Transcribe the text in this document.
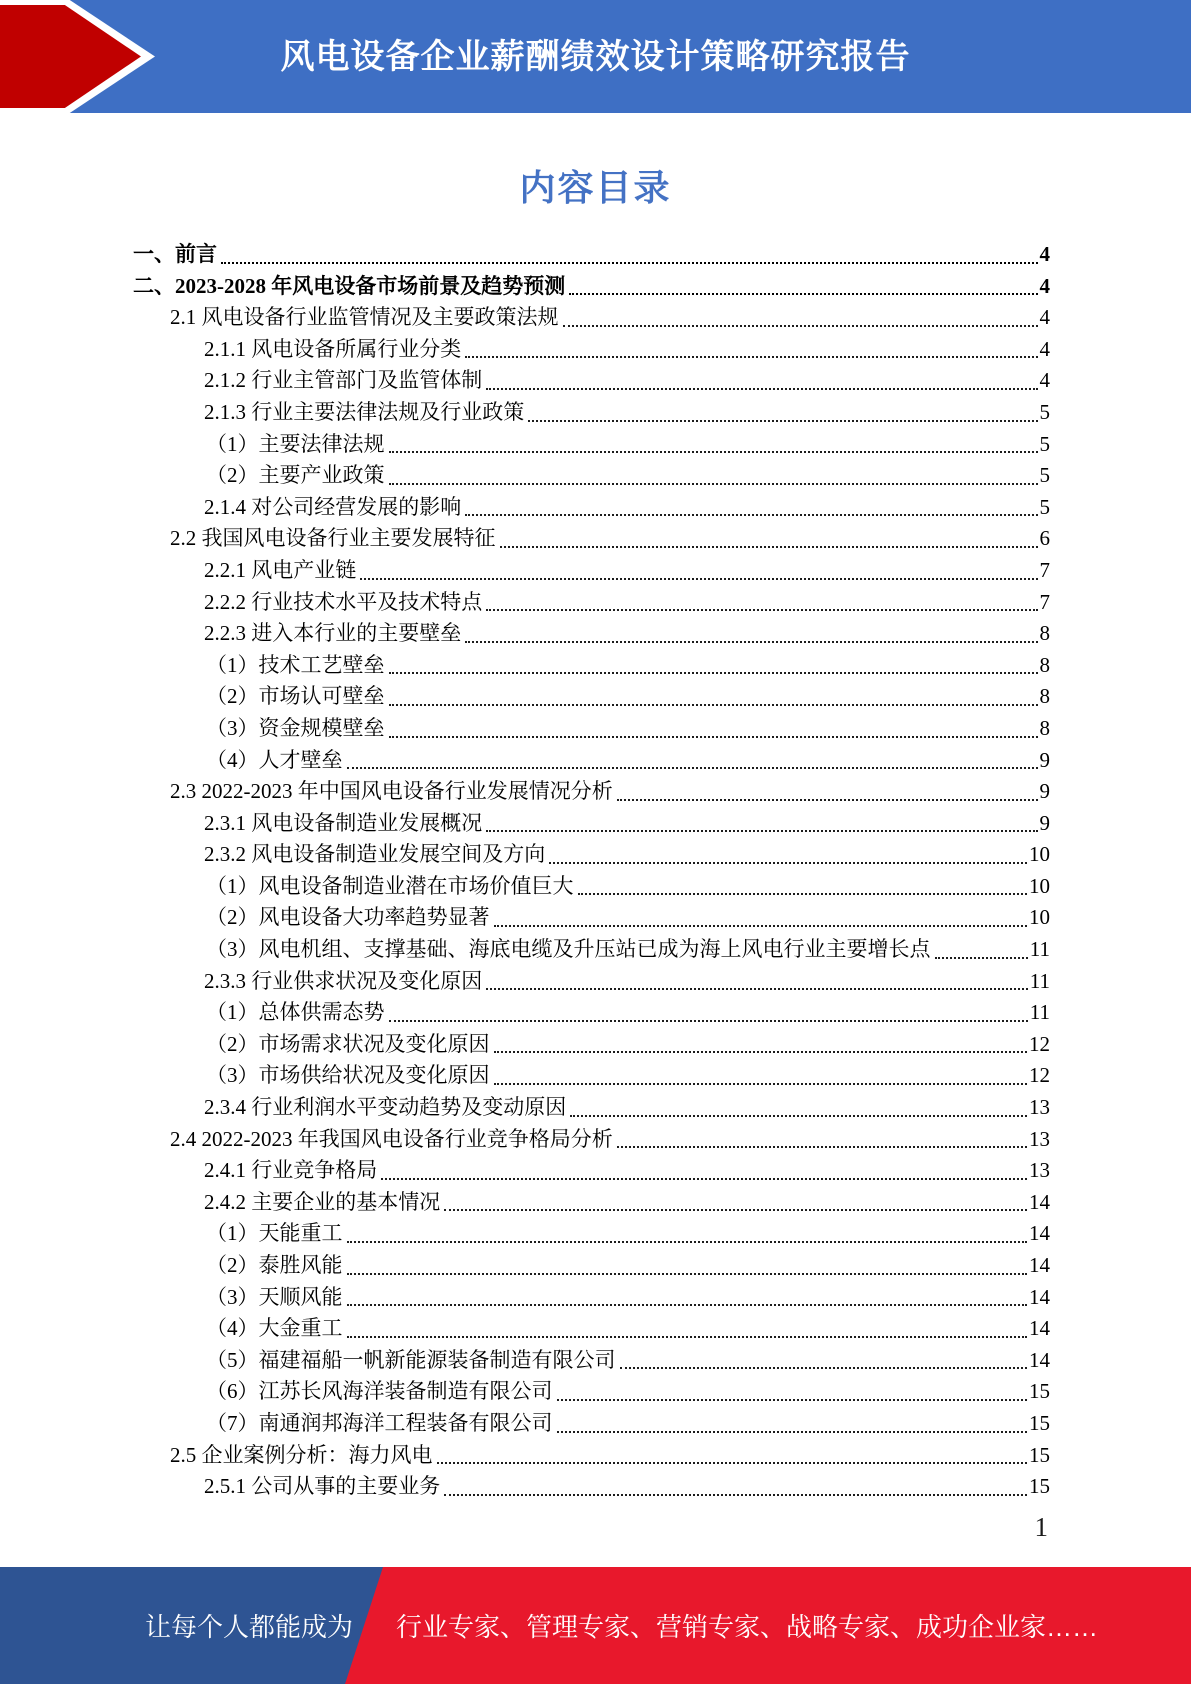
风电设备企业薪酬绩效设计策略研究报告
内容目录
一、前言	4
二、2023-2028 年风电设备市场前景及趋势预测	4
2.1 风电设备行业监管情况及主要政策法规	4
2.1.1 风电设备所属行业分类	4
2.1.2 行业主管部门及监管体制	4
2.1.3 行业主要法律法规及行业政策	5
（1）主要法律法规	5
（2）主要产业政策	5
2.1.4 对公司经营发展的影响	5
2.2 我国风电设备行业主要发展特征	6
2.2.1 风电产业链	7
2.2.2 行业技术水平及技术特点	7
2.2.3 进入本行业的主要壁垒	8
（1）技术工艺壁垒	8
（2）市场认可壁垒	8
（3）资金规模壁垒	8
（4）人才壁垒	9
2.3 2022-2023 年中国风电设备行业发展情况分析	9
2.3.1 风电设备制造业发展概况	9
2.3.2 风电设备制造业发展空间及方向	10
（1）风电设备制造业潜在市场价值巨大	10
（2）风电设备大功率趋势显著	10
（3）风电机组、支撑基础、海底电缆及升压站已成为海上风电行业主要增长点	11
2.3.3 行业供求状况及变化原因	11
（1）总体供需态势	11
（2）市场需求状况及变化原因	12
（3）市场供给状况及变化原因	12
2.3.4 行业利润水平变动趋势及变动原因	13
2.4 2022-2023 年我国风电设备行业竞争格局分析	13
2.4.1 行业竞争格局	13
2.4.2 主要企业的基本情况	14
（1）天能重工	14
（2）泰胜风能	14
（3）天顺风能	14
（4）大金重工	14
（5）福建福船一帆新能源装备制造有限公司	14
（6）江苏长风海洋装备制造有限公司	15
（7）南通润邦海洋工程装备有限公司	15
2.5 企业案例分析：海力风电	15
2.5.1 公司从事的主要业务	15
1
让每个人都能成为 行业专家、管理专家、营销专家、战略专家、成功企业家……
